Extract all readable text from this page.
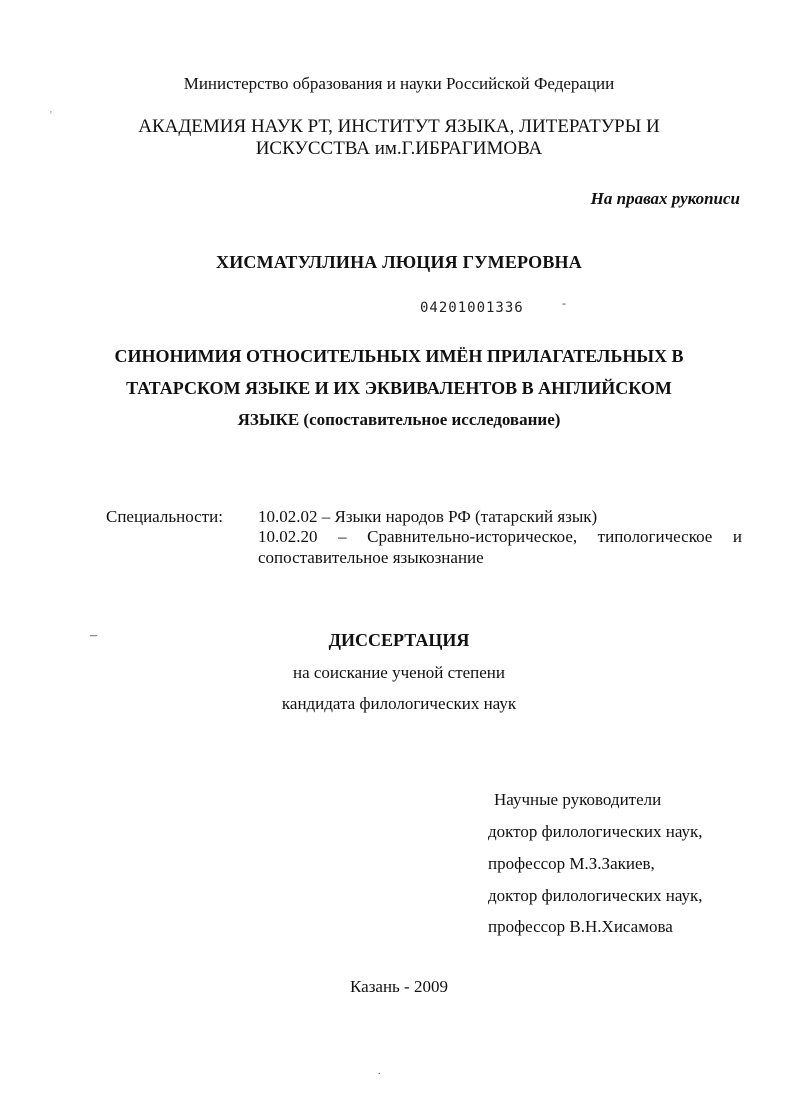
'
Министерство образования и науки Российской Федерации
АКАДЕМИЯ НАУК РТ, ИНСТИТУТ ЯЗЫКА, ЛИТЕРАТУРЫ И
ИСКУССТВА им.Г.ИБРАГИМОВА
На правах рукописи
ХИСМАТУЛЛИНА ЛЮЦИЯ ГУМЕРОВНА
04201001336	-
СИНОНИМИЯ ОТНОСИТЕЛЬНЫХ ИМЁН ПРИЛАГАТЕЛЬНЫХ В
ТАТАРСКОМ ЯЗЫКЕ И ИХ ЭКВИВАЛЕНТОВ В АНГЛИЙСКОМ
ЯЗЫКЕ (сопоставительное исследование)
Специальности: 10.02.02 – Языки народов РФ (татарский язык)
10.02.20 – Сравнительно-историческое, типологическое и
сопоставительное языкознание
–	ДИССЕРТАЦИЯ
на соискание ученой степени
кандидата филологических наук
Научные руководители
доктор филологических наук,
профессор М.З.Закиев,
доктор филологических наук,
профессор В.Н.Хисамова
Казань - 2009
.
